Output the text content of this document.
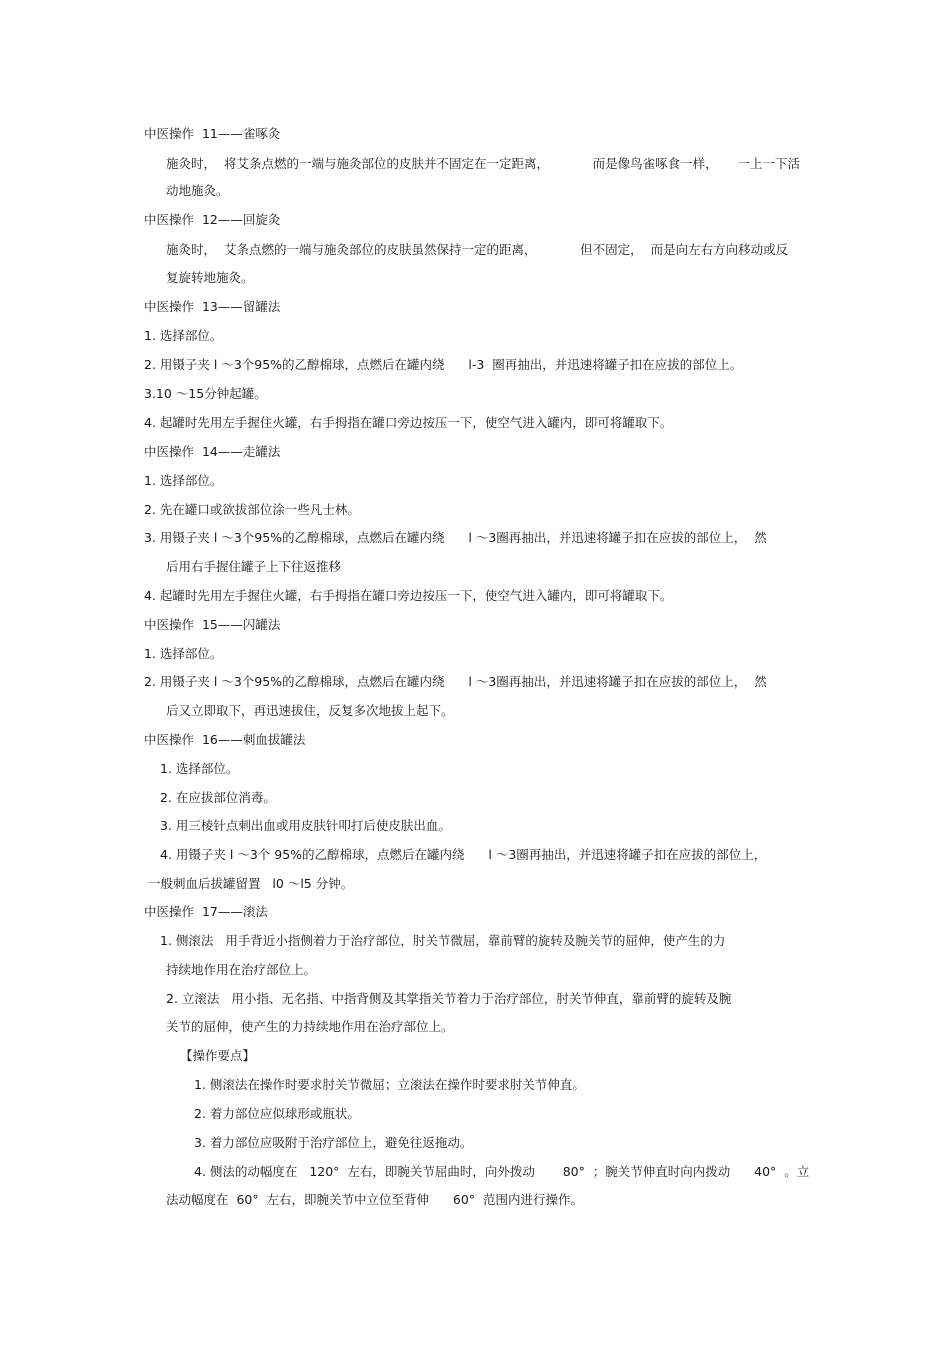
中医操作  11——雀啄灸

施灸时，  将艾条点燃的一端与施灸部位的皮肤并不固定在一定距离，           而是像鸟雀啄食一样，     一上一下活

动地施灸。

中医操作  12——回旋灸

施灸时，  艾条点燃的一端与施灸部位的皮肤虽然保持一定的距离，           但不固定，  而是向左右方向移动或反

复旋转地施灸。

中医操作  13——留罐法

1. 选择部位。

2. 用镊子夹 l ～3个95%的乙醇棉球，点燃后在罐内绕      l-3  圈再抽出，并迅速将罐子扣在应拔的部位上。

3.10 ～15分钟起罐。

4. 起罐时先用左手握住火罐，右手拇指在罐口旁边按压一下，使空气进入罐内，即可将罐取下。

中医操作  14——走罐法

1. 选择部位。

2. 先在罐口或欲拔部位涂一些凡士林。

3. 用镊子夹 l ～3个95%的乙醇棉球，点燃后在罐内绕      l ～3圈再抽出，并迅速将罐子扣在应拔的部位上，  然

后用右手握住罐子上下往返推移

4. 起罐时先用左手握住火罐，右手拇指在罐口旁边按压一下，使空气进入罐内，即可将罐取下。

中医操作  15——闪罐法

1. 选择部位。

2. 用镊子夹 l ～3个95%的乙醇棉球，点燃后在罐内绕      l ～3圈再抽出，并迅速将罐子扣在应拔的部位上，  然

后又立即取下，再迅速拔住，反复多次地拔上起下。

中医操作  16——刺血拔罐法

1. 选择部位。

2. 在应拔部位消毒。

3. 用三棱针点刺出血或用皮肤针叩打后使皮肤出血。

4. 用镊子夹 l ～3个 95%的乙醇棉球，点燃后在罐内绕      l ～3圈再抽出，并迅速将罐子扣在应拔的部位上，

一般刺血后拔罐留置   l0 ～l5 分钟。

中医操作  17——滚法

1. 侧滚法   用手背近小指侧着力于治疗部位，肘关节微屈，靠前臂的旋转及腕关节的屈伸，使产生的力

持续地作用在治疗部位上。

2. 立滚法   用小指、无名指、中指背侧及其掌指关节着力于治疗部位，肘关节伸直，靠前臂的旋转及腕

关节的屈伸，使产生的力持续地作用在治疗部位上。

【操作要点】

1. 侧滚法在操作时要求肘关节微屈；立滚法在操作时要求肘关节伸直。

2. 着力部位应似球形或瓶状。

3. 着力部位应吸附于治疗部位上，避免往返拖动。

4. 侧法的动幅度在   120°  左右，即腕关节屈曲时，向外拨动       80°  ；腕关节伸直时向内拨动      40°  。立

法动幅度在  60°  左右，即腕关节中立位至背伸      60°  范围内进行操作。
